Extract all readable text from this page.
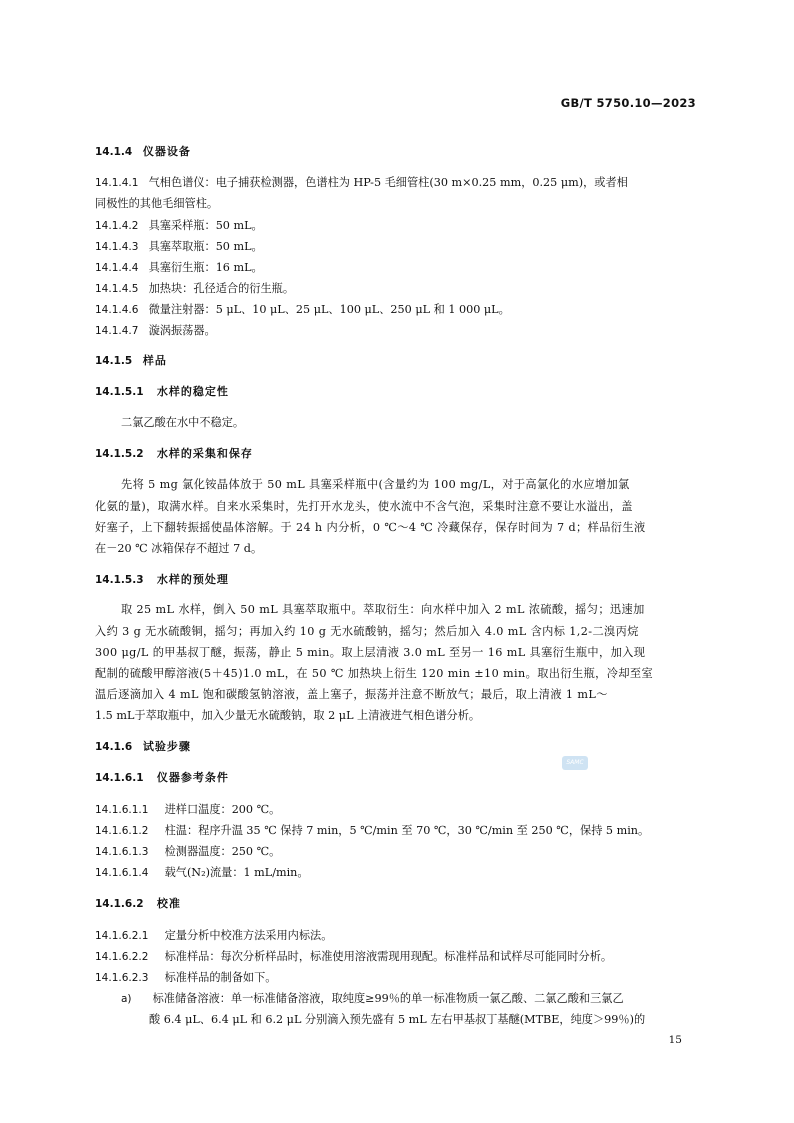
GB/T 5750.10—2023
14.1.4 仪器设备
14.1.4.1 气相色谱仪：电子捕获检测器，色谱柱为 HP-5 毛细管柱(30 m×0.25 mm，0.25 μm)，或者相
同极性的其他毛细管柱。
14.1.4.2 具塞采样瓶：50 mL。
14.1.4.3 具塞萃取瓶：50 mL。
14.1.4.4 具塞衍生瓶：16 mL。
14.1.4.5 加热块：孔径适合的衍生瓶。
14.1.4.6 微量注射器：5 μL、10 μL、25 μL、100 μL、250 μL 和 1 000 μL。
14.1.4.7 漩涡振荡器。
14.1.5 样品
14.1.5.1 水样的稳定性
二氯乙酸在水中不稳定。
14.1.5.2 水样的采集和保存
先将 5 mg 氯化铵晶体放于 50 mL 具塞采样瓶中(含量约为 100 mg/L，对于高氯化的水应增加氯
化氨的量)，取满水样。自来水采集时，先打开水龙头，使水流中不含气泡，采集时注意不要让水溢出，盖
好塞子，上下翻转振摇使晶体溶解。于 24 h 内分析，0 ℃～4 ℃ 冷藏保存，保存时间为 7 d；样品衍生液
在－20 ℃ 冰箱保存不超过 7 d。
14.1.5.3 水样的预处理
取 25 mL 水样，倒入 50 mL 具塞萃取瓶中。萃取衍生：向水样中加入 2 mL 浓硫酸，摇匀；迅速加
入约 3 g 无水硫酸铜，摇匀；再加入约 10 g 无水硫酸钠，摇匀；然后加入 4.0 mL 含内标 1,2-二溴丙烷
300 μg/L 的甲基叔丁醚，振荡，静止 5 min。取上层清液 3.0 mL 至另一 16 mL 具塞衍生瓶中，加入现
配制的硫酸甲醇溶液(5＋45)1.0 mL，在 50 ℃ 加热块上衍生 120 min ±10 min。取出衍生瓶，冷却至室
温后逐滴加入 4 mL 饱和碳酸氢钠溶液，盖上塞子，振荡并注意不断放气；最后，取上清液 1 mL～
1.5 mL于萃取瓶中，加入少量无水硫酸钠，取 2 μL 上清液进气相色谱分析。
14.1.6 试验步骤
SAMC
14.1.6.1 仪器参考条件
14.1.6.1.1 进样口温度：200 ℃。
14.1.6.1.2 柱温：程序升温 35 ℃ 保持 7 min，5 ℃/min 至 70 ℃，30 ℃/min 至 250 ℃，保持 5 min。
14.1.6.1.3 检测器温度：250 ℃。
14.1.6.1.4 载气(N₂)流量：1 mL/min。
14.1.6.2 校准
14.1.6.2.1 定量分析中校准方法采用内标法。
14.1.6.2.2 标准样品：每次分析样品时，标准使用溶液需现用现配。标准样品和试样尽可能同时分析。
14.1.6.2.3 标准样品的制备如下。
a) 标准储备溶液：单一标准储备溶液，取纯度≥99％的单一标准物质一氯乙酸、二氯乙酸和三氯乙
酸 6.4 μL、6.4 μL 和 6.2 μL 分别滴入预先盛有 5 mL 左右甲基叔丁基醚(MTBE，纯度＞99％)的
15
